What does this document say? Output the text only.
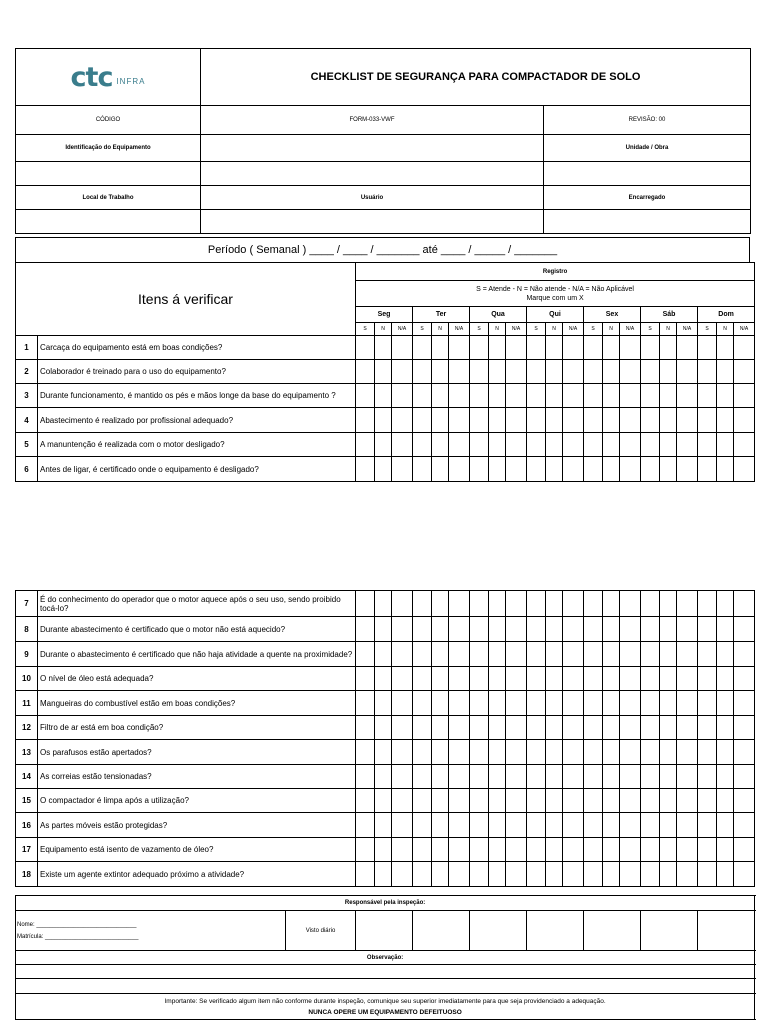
ctc INFRA	CHECKLIST DE SEGURANÇA PARA COMPACTADOR DE SOLO	
CÓDIGO	FORM-033-VWF	REVISÃO: 00
Identificação do Equipamento		Unidade / Obra

Local de Trabalho	Usuário	Encarregado

Período ( Semanal ) ____ / ____ / _______ até ____ / _____ / _______
Itens á verificar		Registro																				

		S = Atende - N = Não atende - N/A = Não Aplicável
Marque com um X																				

		Seg			Ter			Qua			Qui			Sex			Sáb			Dom		
		S	N	N/A	S	N	N/A	S	N	N/A	S	N	N/A	S	N	N/A	S	N	N/A	S	N	N/A
1	Carcaça do equipamento está em boas condições?																					
2	Colaborador é treinado para o uso do equipamento?																					
3	Durante funcionamento, é mantido os pés e mãos longe da base do equipamento ?																					
4	Abastecimento é realizado por profissional adequado?																					
5	A manuntenção é realizada com o motor desligado?																					
6	Antes de ligar, é certificado onde o equipamento é desligado?																					
7	É do conhecimento do operador que o motor aquece após o seu uso, sendo proibido tocá-lo?																					
8	Durante abastecimento é certificado que o motor não está aquecido?																					
9	Durante o abastecimento é certificado que não haja atividade a quente na proximidade?																					
10	O nível de óleo está adequada?																					
11	Mangueiras do combustível estão em boas condições?																					
12	Filtro de ar está em boa condição?																					
13	Os parafusos estão apertados?																					
14	As correias estão tensionadas?																					
15	O compactador é limpa após a utilização?																					
16	As partes móveis estão protegidas?																					
17	Equipamento está isento de vazamento de óleo?																					
18	Existe um agente extintor adequado próximo a atividade?																					
Responsável pela inspeção:

Nome: ______________________________
Matrícula: ____________________________
	Visto diário							
Observação:

Importante: Se verificado algum item não conforme durante inspeção, comunique seu superior imediatamente para que seja providenciado a adequação.
NUNCA OPERE UM EQUIPAMENTO DEFEITUOSO
